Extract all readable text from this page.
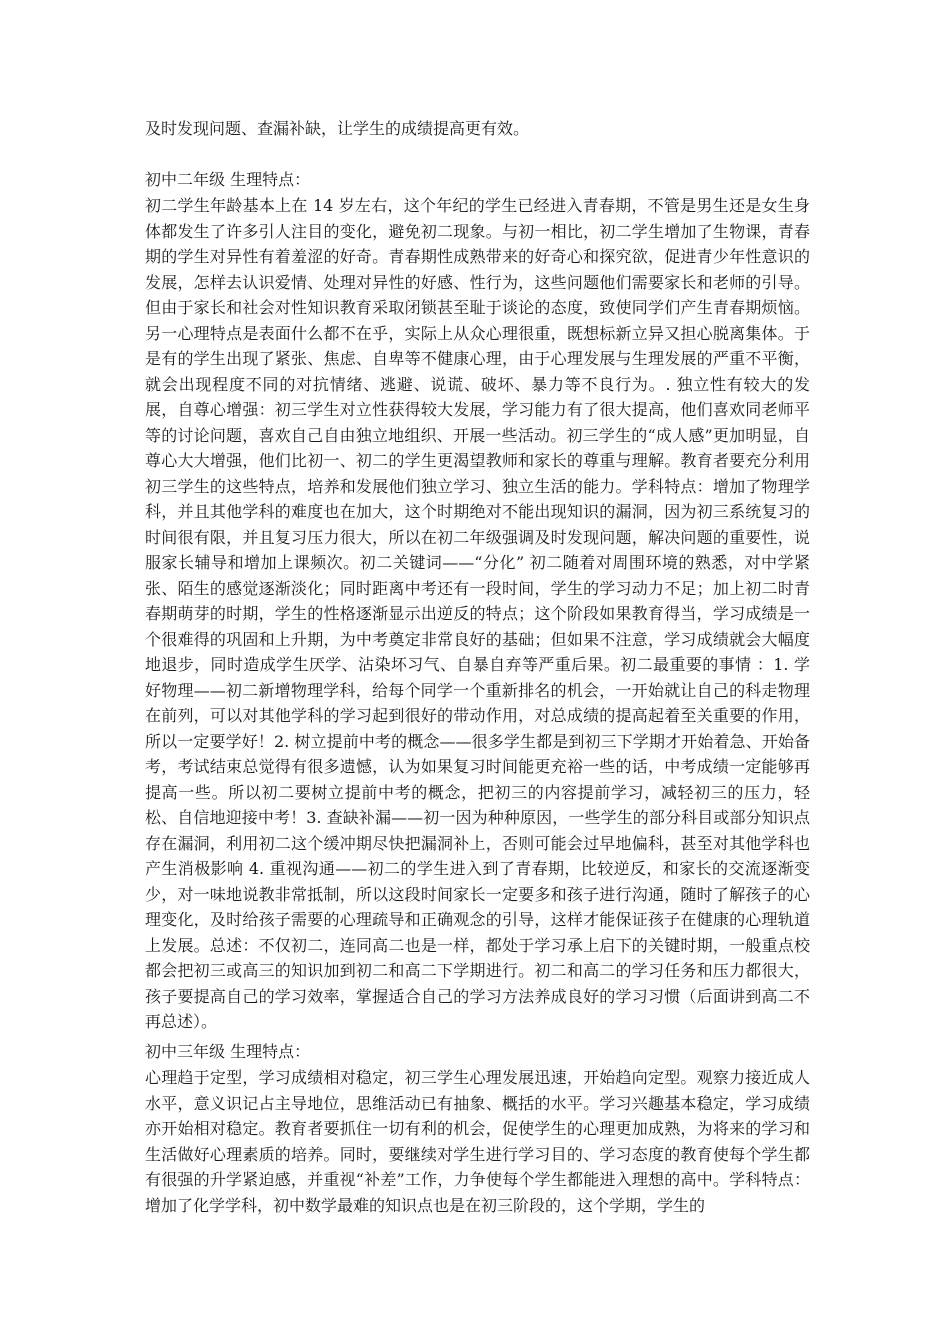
及时发现问题、查漏补缺，让学生的成绩提高更有效。

初中二年级 生理特点：

初二学生年龄基本上在 14 岁左右，这个年纪的学生已经进入青春期，不管是男生还是女生身体都发生了许多引人注目的变化，避免初二现象。与初一相比，初二学生增加了生物课，青春期的学生对异性有着羞涩的好奇。青春期性成熟带来的好奇心和探究欲，促进青少年性意识的发展，怎样去认识爱情、处理对异性的好感、性行为，这些问题他们需要家长和老师的引导。但由于家长和社会对性知识教育采取闭锁甚至耻于谈论的态度，致使同学们产生青春期烦恼。另一心理特点是表面什么都不在乎，实际上从众心理很重，既想标新立异又担心脱离集体。于是有的学生出现了紧张、焦虑、自卑等不健康心理，由于心理发展与生理发展的严重不平衡，就会出现程度不同的对抗情绪、逃避、说谎、破坏、暴力等不良行为。. 独立性有较大的发展，自尊心增强：初三学生对立性获得较大发展，学习能力有了很大提高，他们喜欢同老师平等的讨论问题，喜欢自己自由独立地组织、开展一些活动。初三学生的“成人感”更加明显，自尊心大大增强，他们比初一、初二的学生更渴望教师和家长的尊重与理解。教育者要充分利用初三学生的这些特点，培养和发展他们独立学习、独立生活的能力。学科特点：增加了物理学科，并且其他学科的难度也在加大，这个时期绝对不能出现知识的漏洞，因为初三系统复习的时间很有限，并且复习压力很大，所以在初二年级强调及时发现问题，解决问题的重要性，说服家长辅导和增加上课频次。初二关键词——“分化” 初二随着对周围环境的熟悉，对中学紧张、陌生的感觉逐渐淡化；同时距离中考还有一段时间，学生的学习动力不足；加上初二时青春期萌芽的时期，学生的性格逐渐显示出逆反的特点；这个阶段如果教育得当，学习成绩是一个很难得的巩固和上升期，为中考奠定非常良好的基础；但如果不注意，学习成绩就会大幅度地退步，同时造成学生厌学、沾染坏习气、自暴自弃等严重后果。初二最重要的事情 ：1. 学好物理——初二新增物理学科，给每个同学一个重新排名的机会，一开始就让自己的科走物理在前列，可以对其他学科的学习起到很好的带动作用，对总成绩的提高起着至关重要的作用，所以一定要学好！2. 树立提前中考的概念——很多学生都是到初三下学期才开始着急、开始备考，考试结束总觉得有很多遗憾，认为如果复习时间能更充裕一些的话，中考成绩一定能够再提高一些。所以初二要树立提前中考的概念，把初三的内容提前学习，减轻初三的压力，轻松、自信地迎接中考！3. 查缺补漏——初一因为种种原因，一些学生的部分科目或部分知识点存在漏洞，利用初二这个缓冲期尽快把漏洞补上，否则可能会过早地偏科，甚至对其他学科也产生消极影响 4. 重视沟通——初二的学生进入到了青春期，比较逆反，和家长的交流逐渐变少，对一味地说教非常抵制，所以这段时间家长一定要多和孩子进行沟通，随时了解孩子的心理变化，及时给孩子需要的心理疏导和正确观念的引导，这样才能保证孩子在健康的心理轨道上发展。总述：不仅初二，连同高二也是一样，都处于学习承上启下的关键时期，一般重点校都会把初三或高三的知识加到初二和高二下学期进行。初二和高二的学习任务和压力都很大，孩子要提高自己的学习效率，掌握适合自己的学习方法养成良好的学习习惯（后面讲到高二不再总述）。

初中三年级 生理特点：

心理趋于定型，学习成绩相对稳定，初三学生心理发展迅速，开始趋向定型。观察力接近成人水平，意义识记占主导地位，思维活动已有抽象、概括的水平。学习兴趣基本稳定，学习成绩亦开始相对稳定。教育者要抓住一切有利的机会，促使学生的心理更加成熟，为将来的学习和生活做好心理素质的培养。同时，要继续对学生进行学习目的、学习态度的教育使每个学生都有很强的升学紧迫感，并重视“补差”工作，力争使每个学生都能进入理想的高中。学科特点：增加了化学学科，初中数学最难的知识点也是在初三阶段的，这个学期，学生的
